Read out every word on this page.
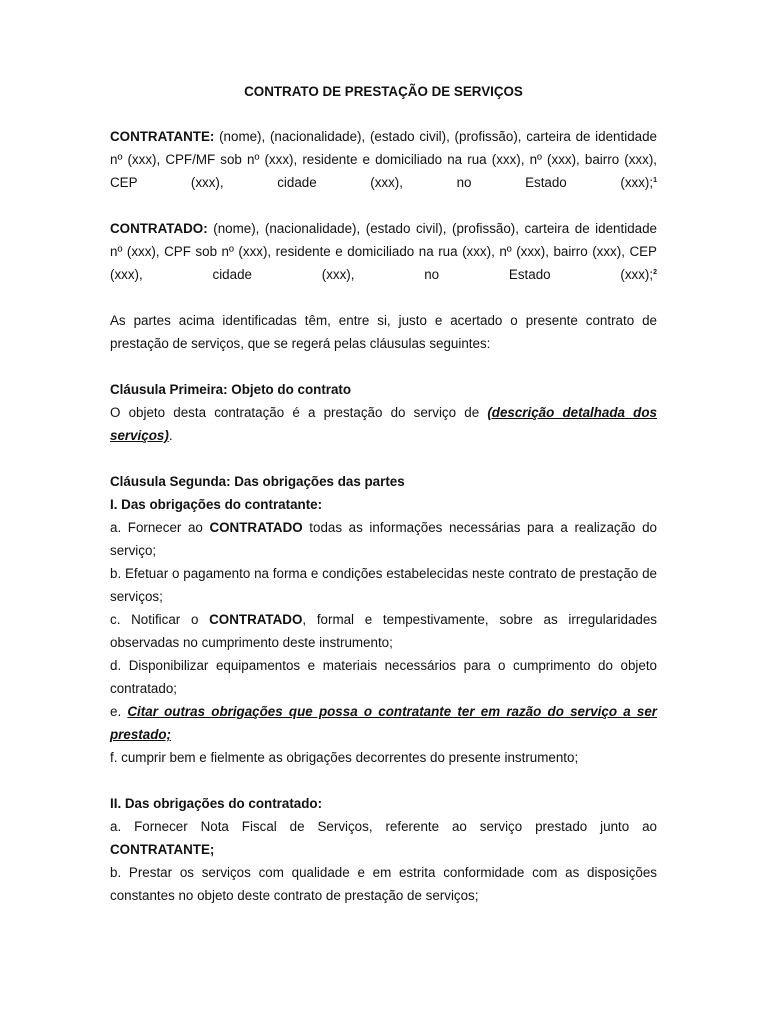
CONTRATO DE PRESTAÇÃO DE SERVIÇOS

CONTRATANTE: (nome), (nacionalidade), (estado civil), (profissão), carteira de identidade nº (xxx), CPF/MF sob nº (xxx), residente e domiciliado na rua (xxx), nº (xxx), bairro (xxx), CEP (xxx), cidade (xxx), no Estado (xxx);$^1$

CONTRATADO: (nome), (nacionalidade), (estado civil), (profissão), carteira de identidade nº (xxx), CPF sob nº (xxx), residente e domiciliado na rua (xxx), nº (xxx), bairro (xxx), CEP (xxx), cidade (xxx), no Estado (xxx);$^2$

As partes acima identificadas têm, entre si, justo e acertado o presente contrato de prestação de serviços, que se regerá pelas cláusulas seguintes:

Cláusula Primeira: Objeto do contrato

O objeto desta contratação é a prestação do serviço de (descrição detalhada dos serviços).

Cláusula Segunda: Das obrigações das partes

I. Das obrigações do contratante:

a. Fornecer ao CONTRATADO todas as informações necessárias para a realização do serviço;

b. Efetuar o pagamento na forma e condições estabelecidas neste contrato de prestação de serviços;

c. Notificar o CONTRATADO, formal e tempestivamente, sobre as irregularidades observadas no cumprimento deste instrumento;

d. Disponibilizar equipamentos e materiais necessários para o cumprimento do objeto contratado;

e. Citar outras obrigações que possa o contratante ter em razão do serviço a ser prestado;

f. cumprir bem e fielmente as obrigações decorrentes do presente instrumento;

II. Das obrigações do contratado:

a. Fornecer Nota Fiscal de Serviços, referente ao serviço prestado junto ao CONTRATANTE;

b. Prestar os serviços com qualidade e em estrita conformidade com as disposições constantes no objeto deste contrato de prestação de serviços;
